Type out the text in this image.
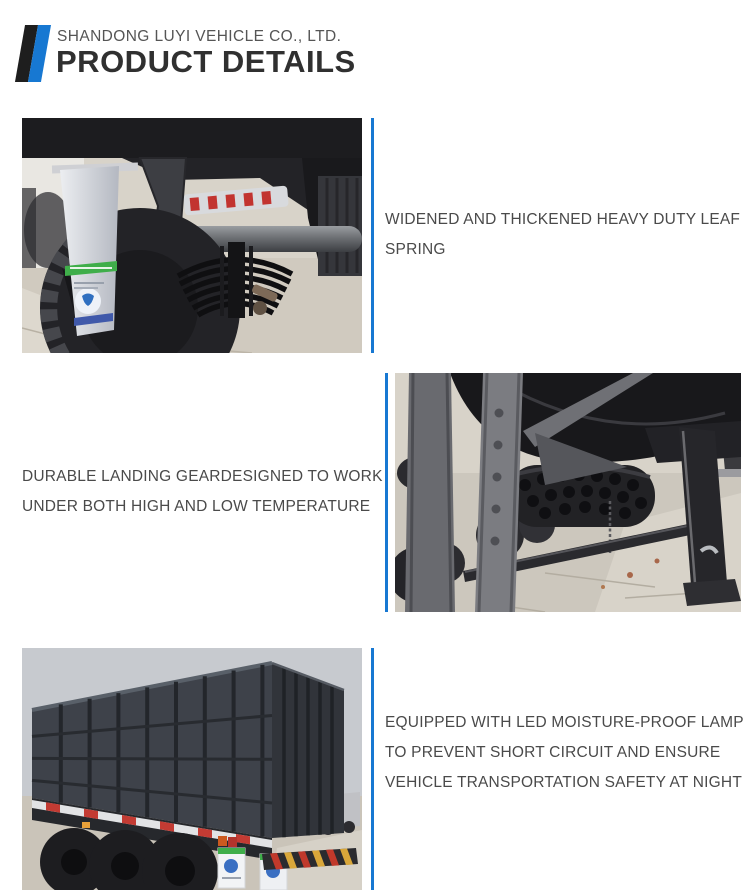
SHANDONG LUYI VEHICLE CO., LTD.
PRODUCT DETAILS
WIDENED AND THICKENED HEAVY DUTY LEAF
SPRING
DURABLE LANDING GEARDESIGNED TO WORK
UNDER BOTH HIGH AND LOW TEMPERATURE
EQUIPPED WITH LED MOISTURE-PROOF LAMP
TO PREVENT SHORT CIRCUIT AND ENSURE
VEHICLE TRANSPORTATION SAFETY AT NIGHT
